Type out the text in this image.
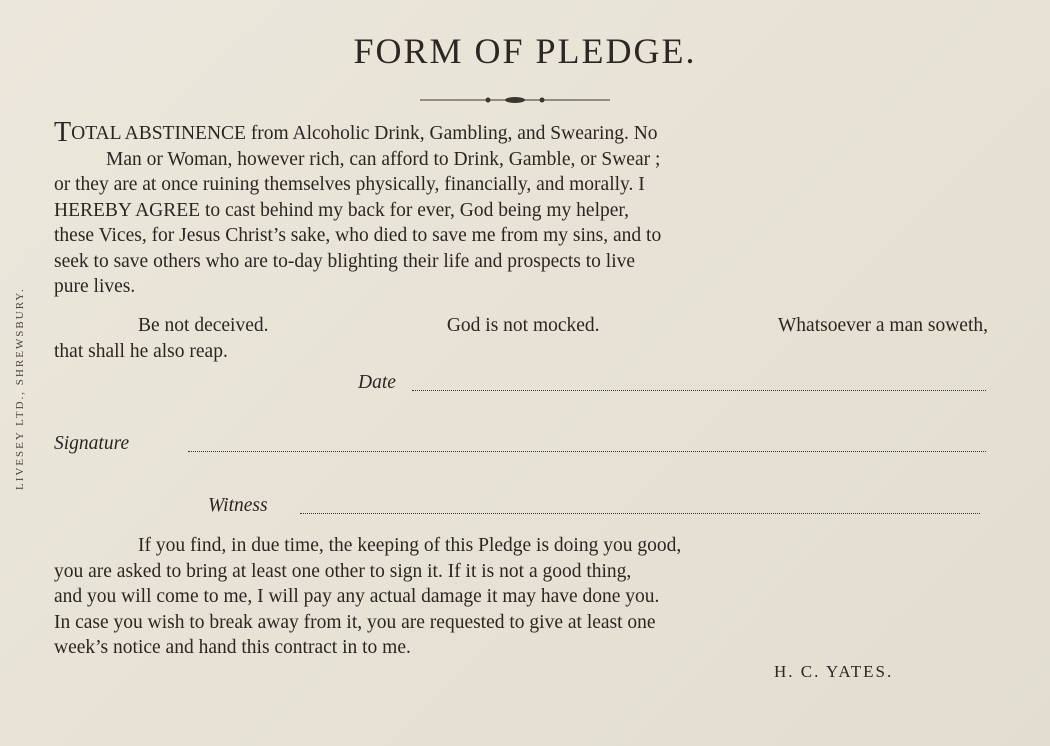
FORM OF PLEDGE.
LIVESEY LTD., SHREWSBURY.
TOTAL ABSTINENCE from Alcoholic Drink, Gambling, and Swearing. No
Man or Woman, however rich, can afford to Drink, Gamble, or Swear ;
or they are at once ruining themselves physically, financially, and morally. I
HEREBY AGREE to cast behind my back for ever, God being my helper,
these Vices, for Jesus Christ’s sake, who died to save me from my sins, and to
seek to save others who are to-day blighting their life and prospects to live
pure lives.
Be not deceived.	God is not mocked.	Whatsoever a man soweth,
that shall he also reap.
Date
Signature
Witness
If you find, in due time, the keeping of this Pledge is doing you good,
you are asked to bring at least one other to sign it. If it is not a good thing,
and you will come to me, I will pay any actual damage it may have done you.
In case you wish to break away from it, you are requested to give at least one
week’s notice and hand this contract in to me.
H. C. YATES.
